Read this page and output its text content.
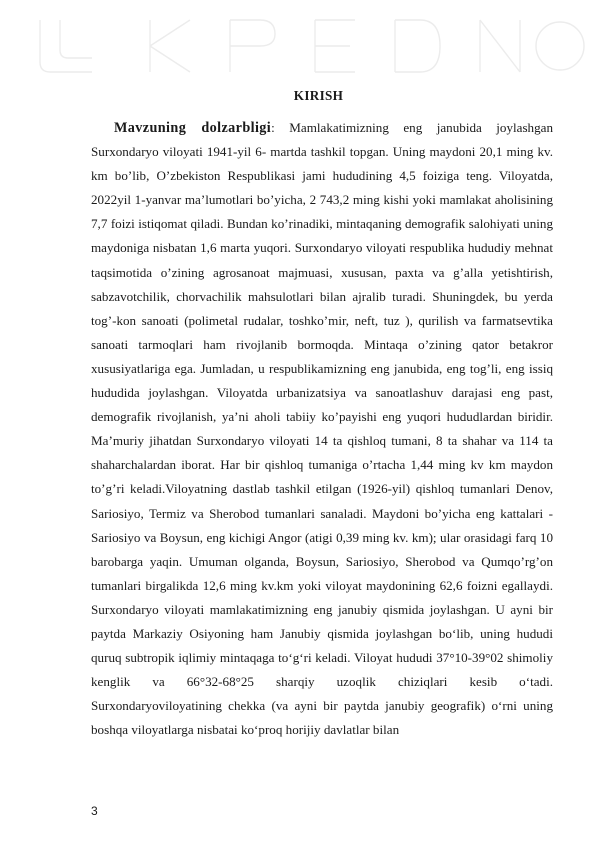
KIRISH

Mavzuning dolzarbligi: Mamlakatimizning eng janubida joylashgan Surxondaryo viloyati 1941-yil 6- martda tashkil topgan. Uning maydoni 20,1 ming kv. km bo’lib, O’zbekiston Respublikasi jami hududining 4,5 foiziga teng. Viloyatda, 2022yil 1-yanvar ma’lumotlari bo’yicha, 2 743,2 ming kishi yoki mamlakat aholisining 7,7 foizi istiqomat qiladi. Bundan ko’rinadiki, mintaqaning demografik salohiyati uning maydoniga nisbatan 1,6 marta yuqori. Surxondaryo viloyati respublika hududiy mehnat taqsimotida o’zining agrosanoat majmuasi, xususan, paxta va g’alla yetishtirish, sabzavotchilik, chorvachilik mahsulotlari bilan ajralib turadi. Shuningdek, bu yerda tog’-kon sanoati (polimetal rudalar, toshko’mir, neft, tuz ), qurilish va farmatsevtika sanoati tarmoqlari ham rivojlanib bormoqda. Mintaqa o’zining qator betakror xususiyatlariga ega. Jumladan, u respublikamizning eng janubida, eng tog’li, eng issiq hududida joylashgan. Viloyatda urbanizatsiya va sanoatlashuv darajasi eng past, demografik rivojlanish, ya’ni aholi tabiiy ko’payishi eng yuqori hududlardan biridir. Ma’muriy jihatdan Surxondaryo viloyati 14 ta qishloq tumani, 8 ta shahar va 114 ta shaharchalardan iborat. Har bir qishloq tumaniga o’rtacha 1,44 ming kv km maydon to’g’ri keladi.Viloyatning dastlab tashkil etilgan (1926-yil) qishloq tumanlari Denov, Sariosiyo, Termiz va Sherobod tumanlari sanaladi. Maydoni bo’yicha eng kattalari - Sariosiyo va Boysun, eng kichigi Angor (atigi 0,39 ming kv. km); ular orasidagi farq 10 barobarga yaqin. Umuman olganda, Boysun, Sariosiyo, Sherobod va Qumqo’rg’on tumanlari birgalikda 12,6 ming kv.km yoki viloyat maydonining 62,6 foizni egallaydi. Surxondaryo viloyati mamlakatimizning eng janubiy qismida joylashgan. U ayni bir paytda Markaziy Osiyoning ham Janubiy qismida joylashgan bo‘lib, uning hududi quruq subtropik iqlimiy mintaqaga to‘g‘ri keladi. Viloyat hududi 37°10-39°02 shimoliy kenglik va 66°32-68°25 sharqiy uzoqlik chiziqlari kesib o‘tadi. Surxondaryoviloyatining chekka (va ayni bir paytda janubiy geografik) o‘rni uning boshqa viloyatlarga nisbatai ko‘proq horijiy davlatlar bilan

3
